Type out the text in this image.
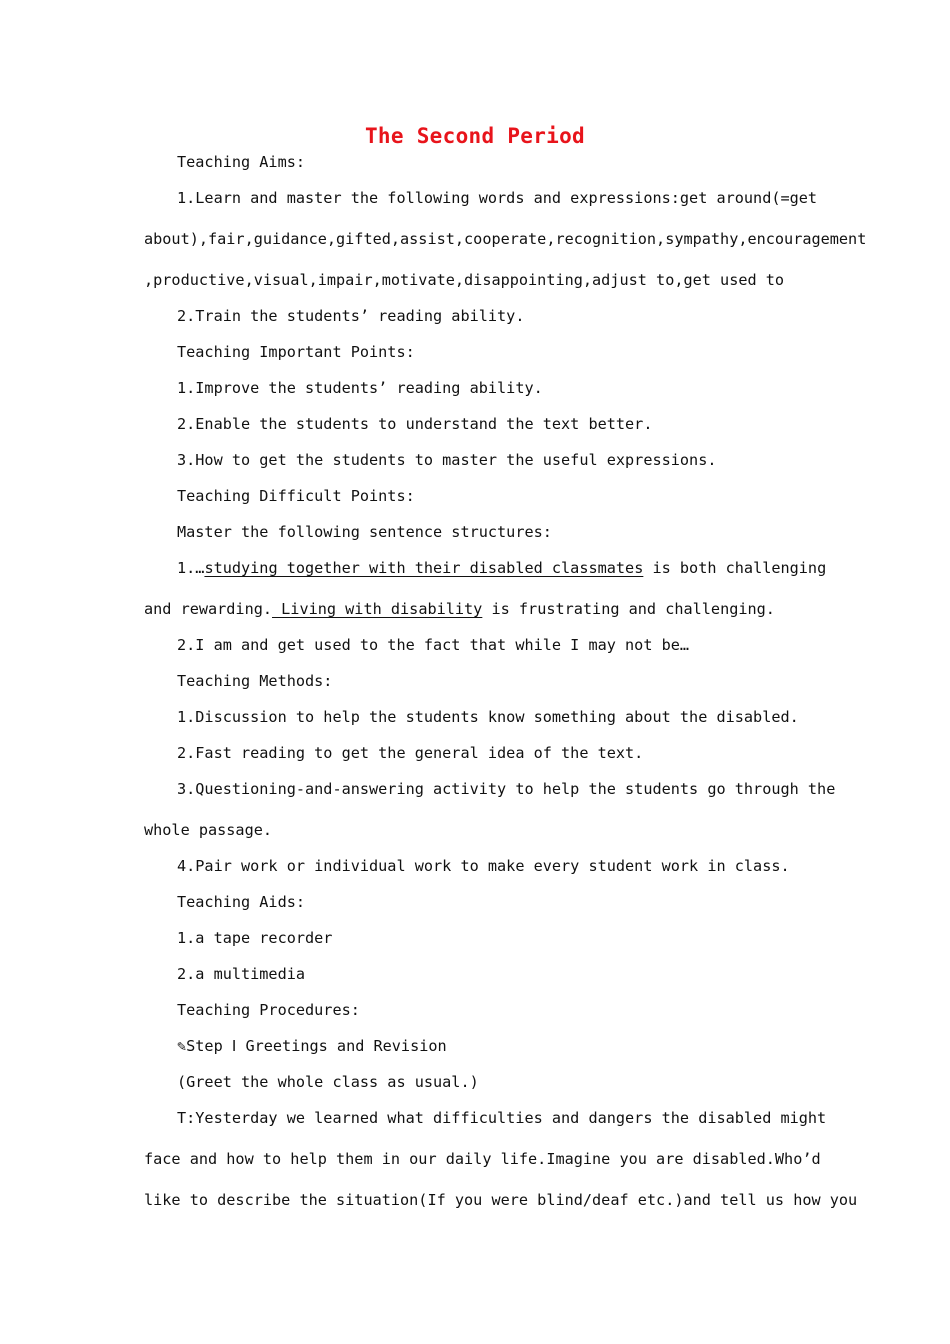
The Second Period
Teaching Aims:
1.Learn and master the following words and expressions:get around(=get
about),fair,guidance,gifted,assist,cooperate,recognition,sympathy,encouragement
,productive,visual,impair,motivate,disappointing,adjust to,get used to
2.Train the students’ reading ability.
Teaching Important Points:
1.Improve the students’ reading ability.
2.Enable the students to understand the text better.
3.How to get the students to master the useful expressions.
Teaching Difficult Points:
Master the following sentence structures:
1.…studying together with their disabled classmates is both challenging
and rewarding. Living with disability is frustrating and challenging.
2.I am and get used to the fact that while I may not be…
Teaching Methods:
1.Discussion to help the students know something about the disabled.
2.Fast reading to get the general idea of the text.
3.Questioning-and-answering activity to help the students go through the
whole passage.
4.Pair work or individual work to make every student work in class.
Teaching Aids:
1.a tape recorder
2.a multimedia
Teaching Procedures:
✎Step Ⅰ Greetings and Revision
(Greet the whole class as usual.)
T:Yesterday we learned what difficulties and dangers the disabled might
face and how to help them in our daily life.Imagine you are disabled.Who’d
like to describe the situation(If you were blind/deaf etc.)and tell us how you
